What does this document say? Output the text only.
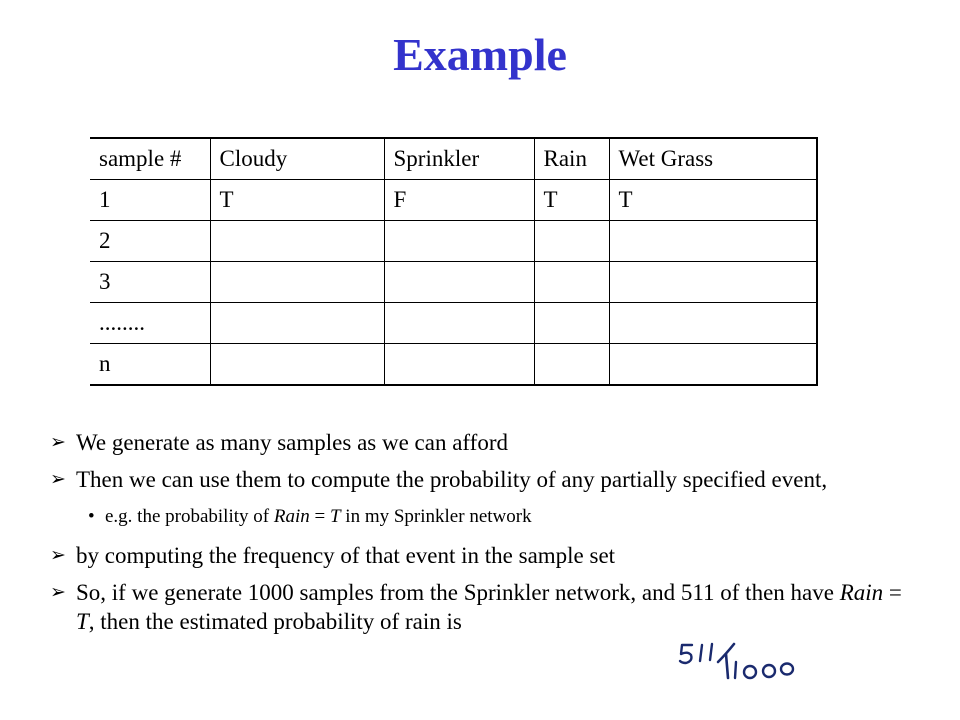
Example
sample #	Cloudy	Sprinkler	Rain	Wet Grass
1	T	F	T	T
2				
3				
........				
n				
➢ We generate as many samples as we can afford
➢ Then we can use them to compute the probability of any partially specified event,
• e.g. the probability of Rain = T in my Sprinkler network
➢ by computing the frequency of that event in the sample set
➢ So, if we generate 1000 samples from the Sprinkler network, and 511 of then have Rain = T, then the estimated probability of rain is
